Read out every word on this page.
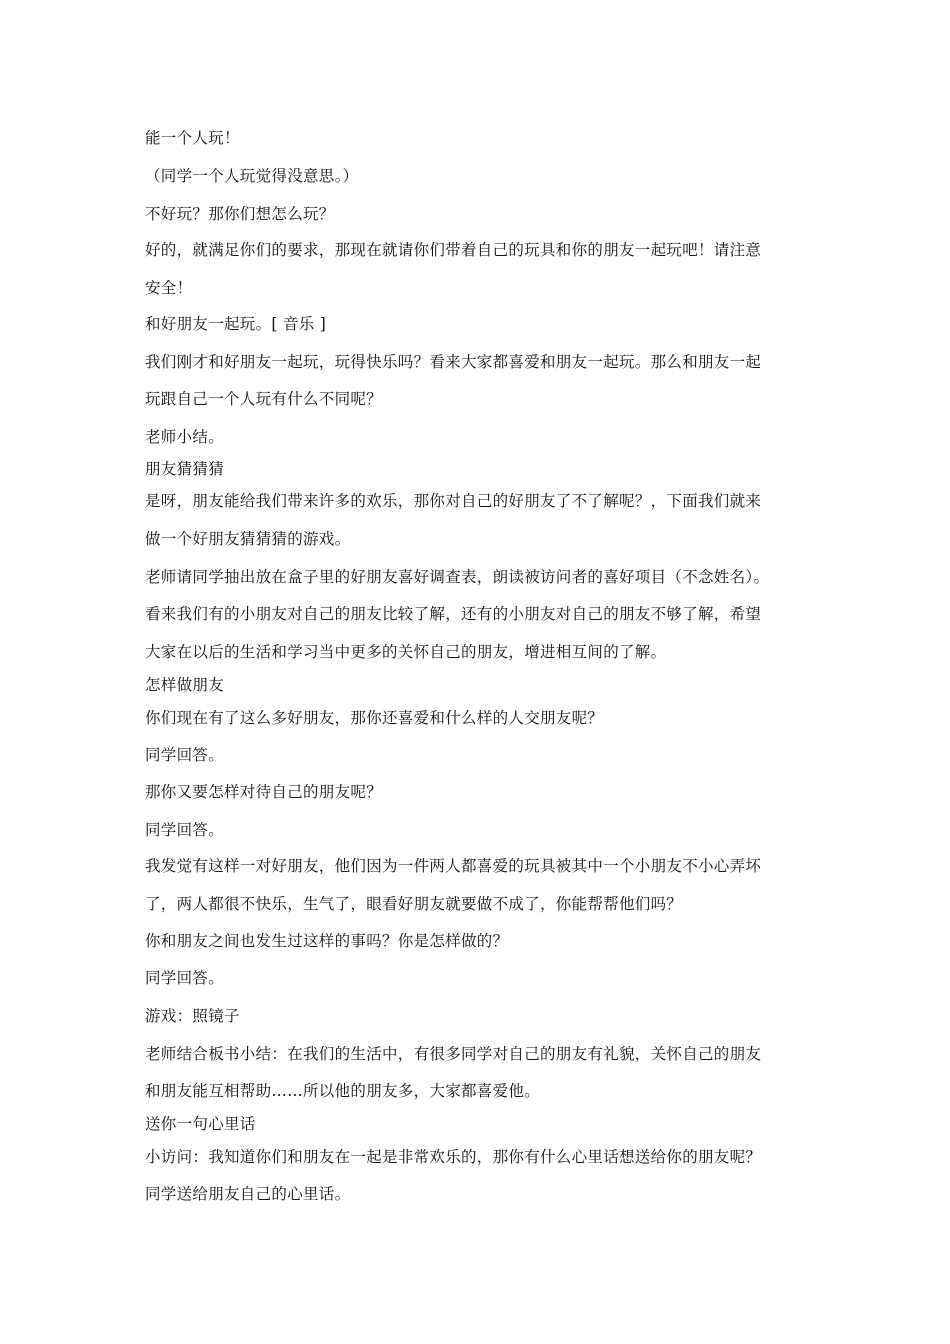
能一个人玩！
（同学一个人玩觉得没意思。）
不好玩？那你们想怎么玩？
好的，就满足你们的要求，那现在就请你们带着自己的玩具和你的朋友一起玩吧！请注意
安全！
和好朋友一起玩。[ 音乐 ]
我们刚才和好朋友一起玩，玩得快乐吗？看来大家都喜爱和朋友一起玩。那么和朋友一起
玩跟自己一个人玩有什么不同呢？
老师小结。
朋友猜猜猜
是呀，朋友能给我们带来许多的欢乐，那你对自己的好朋友了不了解呢？，下面我们就来
做一个好朋友猜猜猜的游戏。
老师请同学抽出放在盒子里的好朋友喜好调查表，朗读被访问者的喜好项目（不念姓名）。
看来我们有的小朋友对自己的朋友比较了解，还有的小朋友对自己的朋友不够了解，希望
大家在以后的生活和学习当中更多的关怀自己的朋友，增进相互间的了解。
怎样做朋友
你们现在有了这么多好朋友，那你还喜爱和什么样的人交朋友呢？
同学回答。
那你又要怎样对待自己的朋友呢？
同学回答。
我发觉有这样一对好朋友，他们因为一件两人都喜爱的玩具被其中一个小朋友不小心弄坏
了，两人都很不快乐，生气了，眼看好朋友就要做不成了，你能帮帮他们吗？
你和朋友之间也发生过这样的事吗？你是怎样做的？
同学回答。
游戏：照镜子
老师结合板书小结：在我们的生活中，有很多同学对自己的朋友有礼貌，关怀自己的朋友
和朋友能互相帮助……所以他的朋友多，大家都喜爱他。
送你一句心里话
小访问：我知道你们和朋友在一起是非常欢乐的，那你有什么心里话想送给你的朋友呢？
同学送给朋友自己的心里话。
